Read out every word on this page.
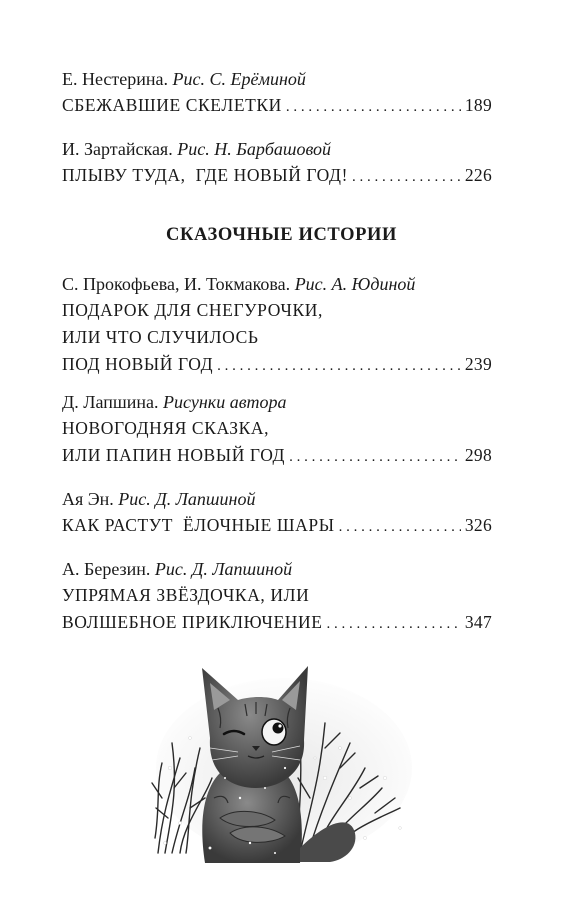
Е. Нестерина. Рис. С. Ерёминой
СБЕЖАВШИЕ СКЕЛЕТКИ . . .	189
И. Зартайская. Рис. Н. Барбашовой
ПЛЫВУ ТУДА,  ГДЕ НОВЫЙ ГОД! . . .	226
СКАЗОЧНЫЕ ИСТОРИИ
С. Прокофьева, И. Токмакова. Рис. А. Юдиной
ПОДАРОК ДЛЯ СНЕГУРОЧКИ,
ИЛИ ЧТО СЛУЧИЛОСЬ
ПОД НОВЫЙ ГОД . . .	239
Д. Лапшина. Рисунки автора
НОВОГОДНЯЯ СКАЗКА,
ИЛИ ПАПИН НОВЫЙ ГОД . . .	298
Ая Эн. Рис. Д. Лапшиной
КАК РАСТУТ  ЁЛОЧНЫЕ ШАРЫ . . .	326
А. Березин. Рис. Д. Лапшиной
УПРЯМАЯ ЗВЁЗДОЧКА, ИЛИ
ВОЛШЕБНОЕ ПРИКЛЮЧЕНИЕ . . .	347
